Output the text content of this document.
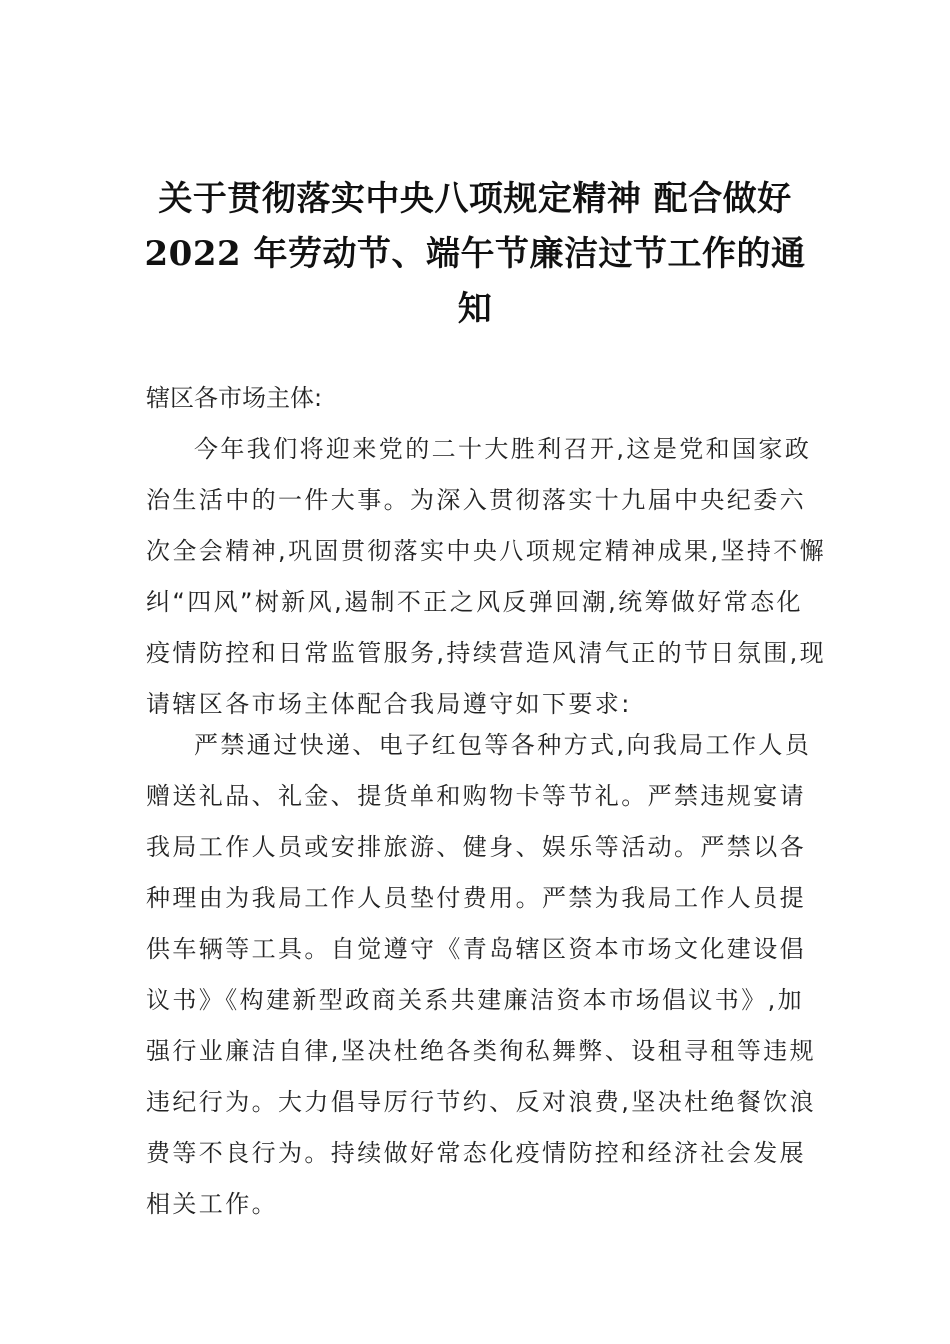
关于贯彻落实中央八项规定精神 配合做好
2022 年劳动节、端午节廉洁过节工作的通
知
辖区各市场主体:
今年我们将迎来党的二十大胜利召开,这是党和国家政
治生活中的一件大事。为深入贯彻落实十九届中央纪委六
次全会精神,巩固贯彻落实中央八项规定精神成果,坚持不懈
纠“四风”树新风,遏制不正之风反弹回潮,统筹做好常态化
疫情防控和日常监管服务,持续营造风清气正的节日氛围,现
请辖区各市场主体配合我局遵守如下要求:
严禁通过快递、电子红包等各种方式,向我局工作人员
赠送礼品、礼金、提货单和购物卡等节礼。严禁违规宴请
我局工作人员或安排旅游、健身、娱乐等活动。严禁以各
种理由为我局工作人员垫付费用。严禁为我局工作人员提
供车辆等工具。自觉遵守《青岛辖区资本市场文化建设倡
议书》《构建新型政商关系共建廉洁资本市场倡议书》,加
强行业廉洁自律,坚决杜绝各类徇私舞弊、设租寻租等违规
违纪行为。大力倡导厉行节约、反对浪费,坚决杜绝餐饮浪
费等不良行为。持续做好常态化疫情防控和经济社会发展
相关工作。
